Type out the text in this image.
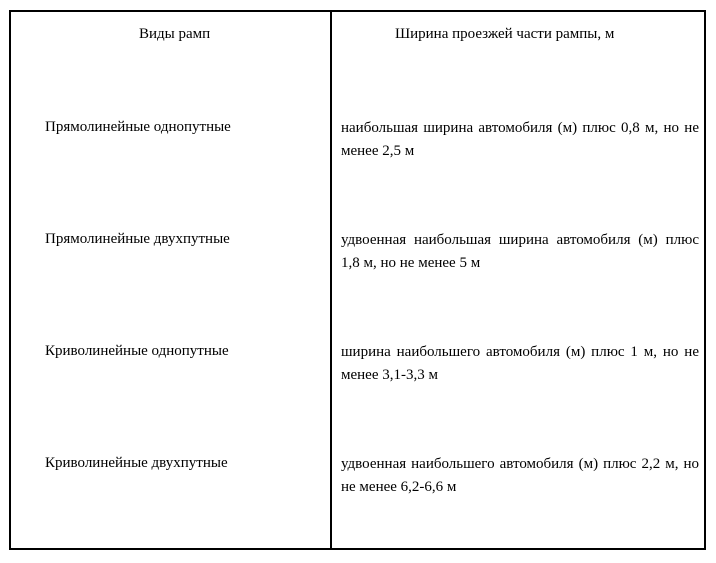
Виды рамп	Ширина проезжей части рампы, м
Прямолинейные однопутные	наибольшая ширина автомобиля (м) плюс 0,8 м, но не менее 2,5 м
Прямолинейные двухпутные	удвоенная наибольшая ширина автомобиля (м) плюс 1,8 м, но не менее 5 м
Криволинейные однопутные	ширина наибольшего автомобиля (м) плюс 1 м, но не менее 3,1-3,3 м
Криволинейные двухпутные	удвоенная наибольшего автомобиля (м) плюс 2,2 м, но не менее 6,2-6,6 м
